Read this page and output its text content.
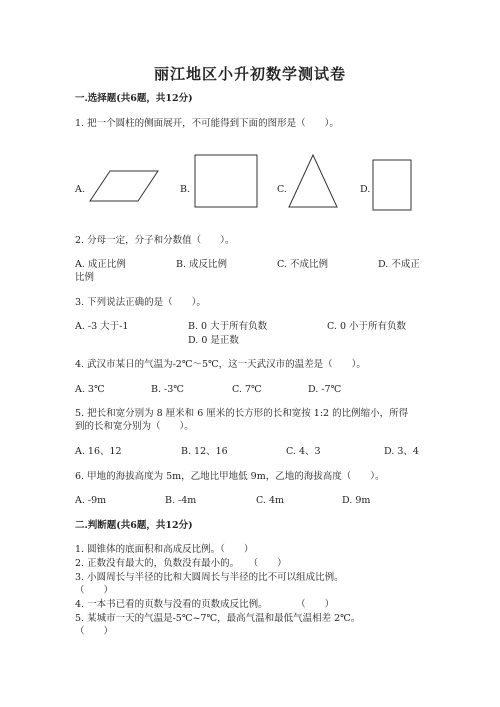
丽江地区小升初数学测试卷
一.选择题(共6题，共12分)
1. 把一个圆柱的侧面展开，不可能得到下面的图形是（　　）。
A.	B.	C.	D.
2. 分母一定，分子和分数值（　　）。
A. 成正比例	B. 成反比例	C. 不成比例	D. 不成正
比例
3. 下列说法正确的是（　　）。
A. -3 大于-1	B. 0 大于所有负数	C. 0 小于所有负数
D. 0 是正数
4. 武汉市某日的气温为-2℃～5℃，这一天武汉市的温差是（　　）。
A. 3℃	B. -3℃	C. 7℃	D. -7℃
5. 把长和宽分别为 8 厘米和 6 厘米的长方形的长和宽按 1:2 的比例缩小，所得
到的长和宽分别为（　　）。
A. 16、12	B. 12、16	C. 4、3	D. 3、4
6. 甲地的海拔高度为 5m，乙地比甲地低 9m，乙地的海拔高度（　　）。
A. -9m	B. -4m	C. 4m	D. 9m
二.判断题(共6题，共12分)
1. 圆锥体的底面积和高成反比例。（　　）
2. 正数没有最大的，负数没有最小的。　　（　　）
3. 小圆周长与半径的比和大圆周长与半径的比不可以组成比例。
（　　）
4. 一本书已看的页数与没看的页数成反比例。　　　　（　　）
5. 某城市一天的气温是-5℃~7℃，最高气温和最低气温相差 2℃。
（　　）
